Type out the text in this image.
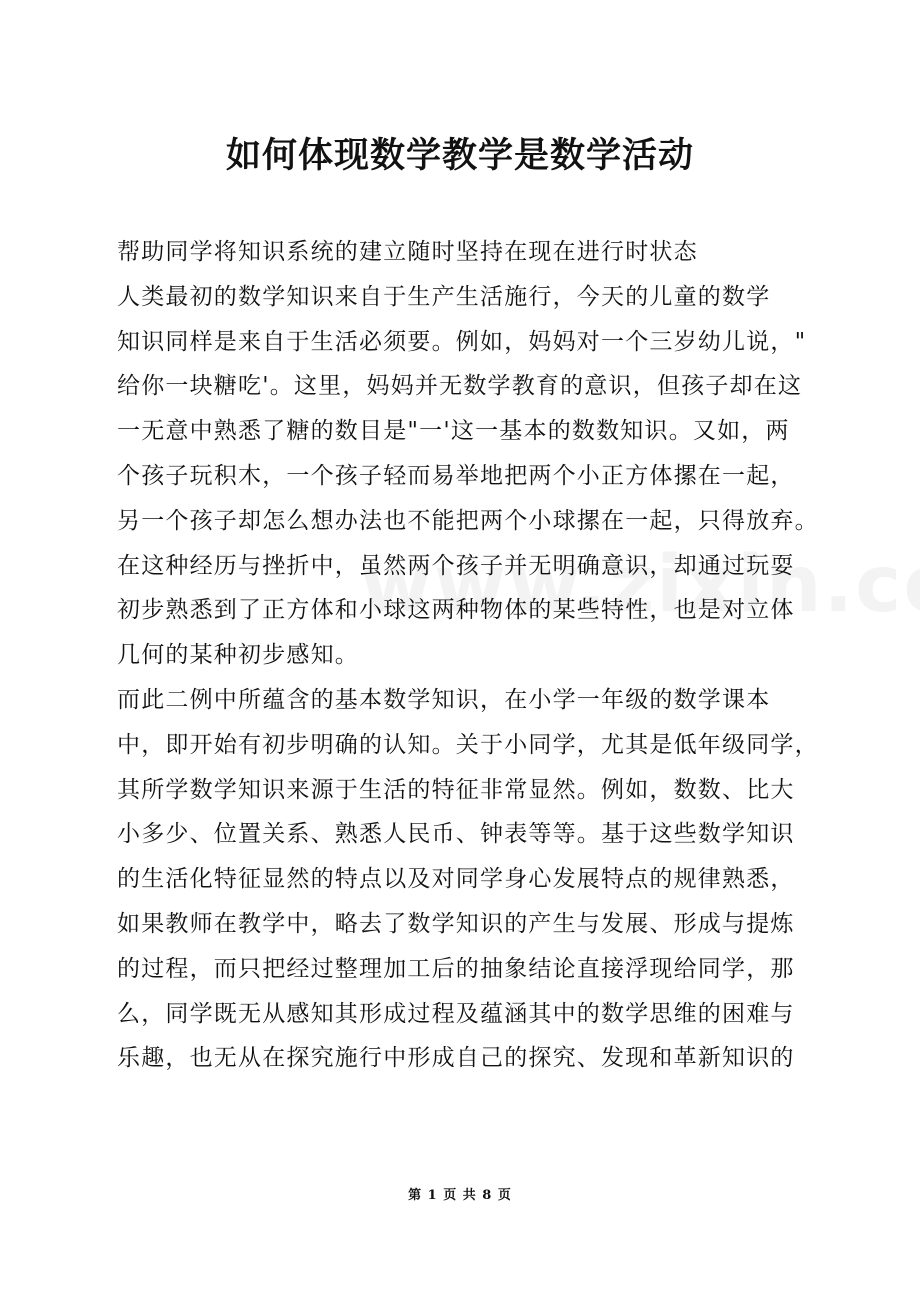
如何体现数学教学是数学活动
帮助同学将知识系统的建立随时坚持在现在进行时状态
人类最初的数学知识来自于生产生活施行，今天的儿童的数学
知识同样是来自于生活必须要。例如，妈妈对一个三岁幼儿说，"
给你一块糖吃'。这里，妈妈并无数学教育的意识，但孩子却在这
一无意中熟悉了糖的数目是"一'这一基本的数数知识。又如，两
个孩子玩积木，一个孩子轻而易举地把两个小正方体摞在一起，
另一个孩子却怎么想办法也不能把两个小球摞在一起，只得放弃。
在这种经历与挫折中，虽然两个孩子并无明确意识，却通过玩耍
初步熟悉到了正方体和小球这两种物体的某些特性，也是对立体
几何的某种初步感知。
而此二例中所蕴含的基本数学知识，在小学一年级的数学课本
中，即开始有初步明确的认知。关于小同学，尤其是低年级同学，
其所学数学知识来源于生活的特征非常显然。例如，数数、比大
小多少、位置关系、熟悉人民币、钟表等等。基于这些数学知识
的生活化特征显然的特点以及对同学身心发展特点的规律熟悉，
如果教师在教学中，略去了数学知识的产生与发展、形成与提炼
的过程，而只把经过整理加工后的抽象结论直接浮现给同学，那
么，同学既无从感知其形成过程及蕴涵其中的数学思维的困难与
乐趣，也无从在探究施行中形成自己的探究、发现和革新知识的
第 1 页 共 8 页
